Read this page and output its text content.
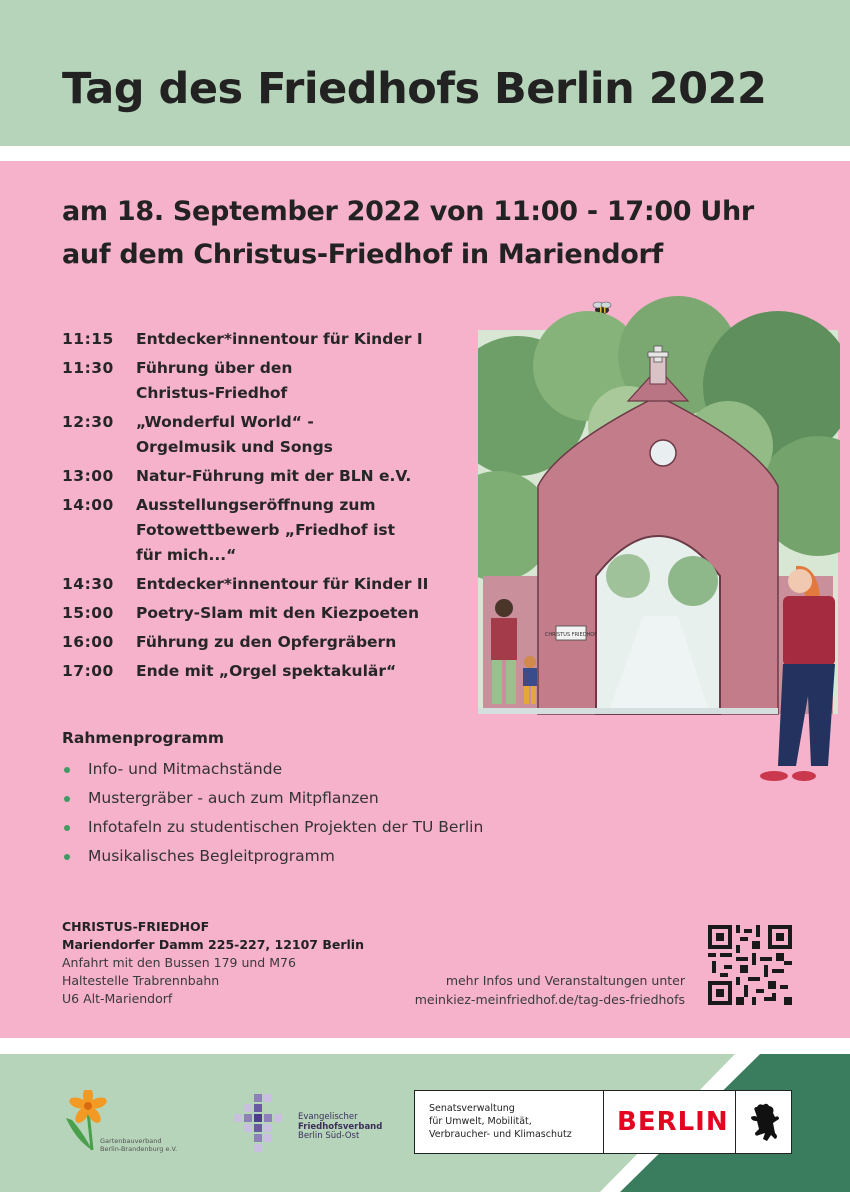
Tag des Friedhofs Berlin 2022
am 18. September 2022 von 11:00 - 17:00 Uhr
auf dem Christus-Friedhof in Mariendorf
11:15	Entdecker*innentour für Kinder I
11:30	Führung über den Christus-Friedhof
12:30	„Wonderful World“ - Orgelmusik und Songs
13:00	Natur-Führung mit der BLN e.V.
14:00	Ausstellungseröffnung zum Fotowettbewerb „Friedhof ist für mich...“
14:30	Entdecker*innentour für Kinder II
15:00	Poetry-Slam mit den Kiezpoeten
16:00	Führung zu den Opfergräbern
17:00	Ende mit „Orgel spektakulär“
CHRISTUS FRIEDHOF
Rahmenprogramm
Info- und Mitmachstände
Mustergräber - auch zum Mitpflanzen
Infotafeln zu studentischen Projekten der TU Berlin
Musikalisches Begleitprogramm
CHRISTUS-FRIEDHOF
Mariendorfer Damm 225-227, 12107 Berlin
Anfahrt mit den Bussen 179 und M76
Haltestelle Trabrennbahn
U6 Alt-Mariendorf
mehr Infos und Veranstaltungen unter
meinkiez-meinfriedhof.de/tag-des-friedhofs
Gartenbauverband
Berlin-Brandenburg e.V.
Evangelischer
Friedhofsverband
Berlin Süd-Ost
Senatsverwaltung
für Umwelt, Mobilität,
Verbraucher- und Klimaschutz BERLIN
